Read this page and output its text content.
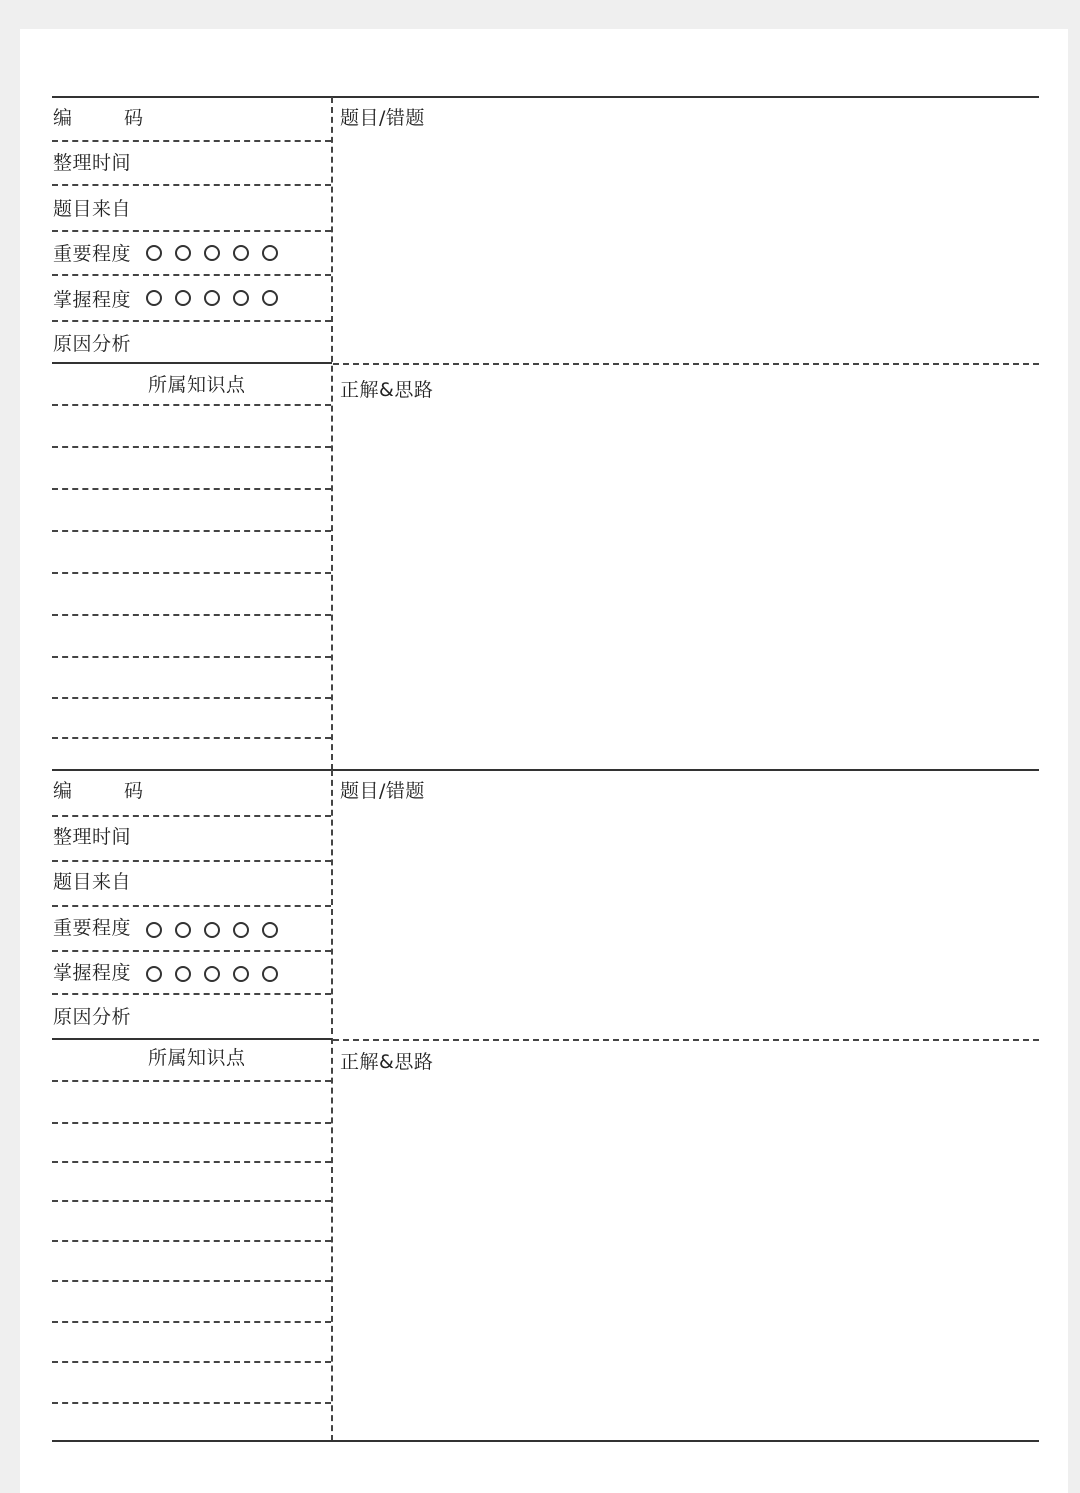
编	码
整理时间
题目来自
重要程度
掌握程度
原因分析
所属知识点
题目/错题
正解&思路
编	码
整理时间
题目来自
重要程度
掌握程度
原因分析
所属知识点
题目/错题
正解&思路
